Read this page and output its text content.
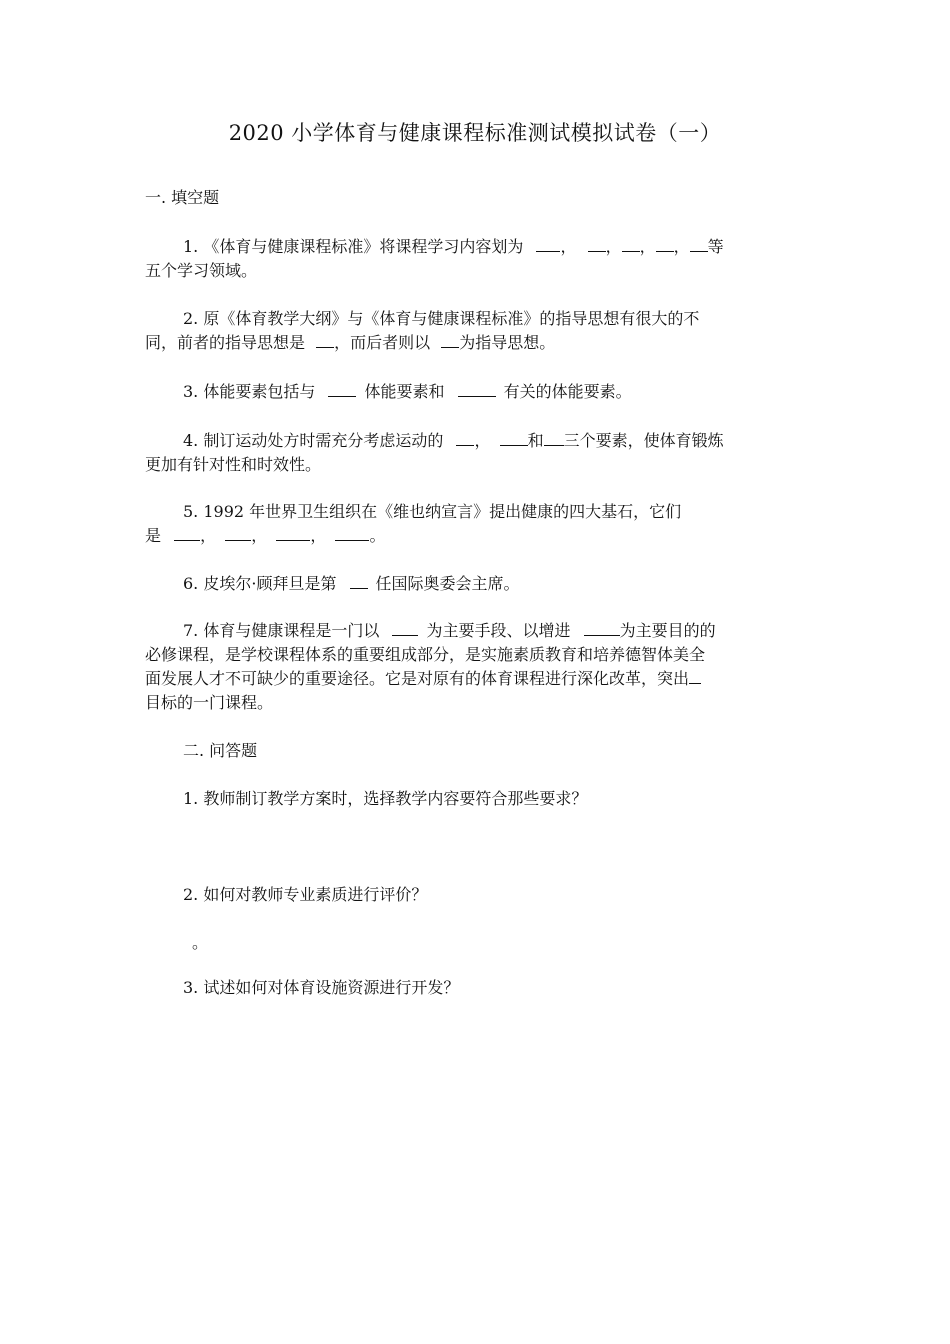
2020 小学体育与健康课程标准测试模拟试卷（一）
一. 填空题
1. 《体育与健康课程标准》将课程学习内容划为 ， ， ， ， 等
五个学习领域。
2. 原《体育教学大纲》与《体育与健康课程标准》的指导思想有很大的不
同，前者的指导思想是 ，而后者则以 为指导思想。
3. 体能要素包括与	体能要素和	有关的体能要素。
4. 制订运动处方时需充分考虑运动的 ， 和 三个要素，使体育锻炼
更加有针对性和时效性。
5. 1992 年世界卫生组织在《维也纳宣言》提出健康的四大基石，它们
是 ， ，	，	。
6. 皮埃尔·顾拜旦是第 任国际奥委会主席。
7. 体育与健康课程是一门以	为主要手段、以增进	为主要目的的
必修课程，是学校课程体系的重要组成部分，是实施素质教育和培养德智体美全
面发展人才不可缺少的重要途径。它是对原有的体育课程进行深化改革，突出
目标的一门课程。
二. 问答题
1. 教师制订教学方案时，选择教学内容要符合那些要求？
2. 如何对教师专业素质进行评价？
。
3. 试述如何对体育设施资源进行开发？
